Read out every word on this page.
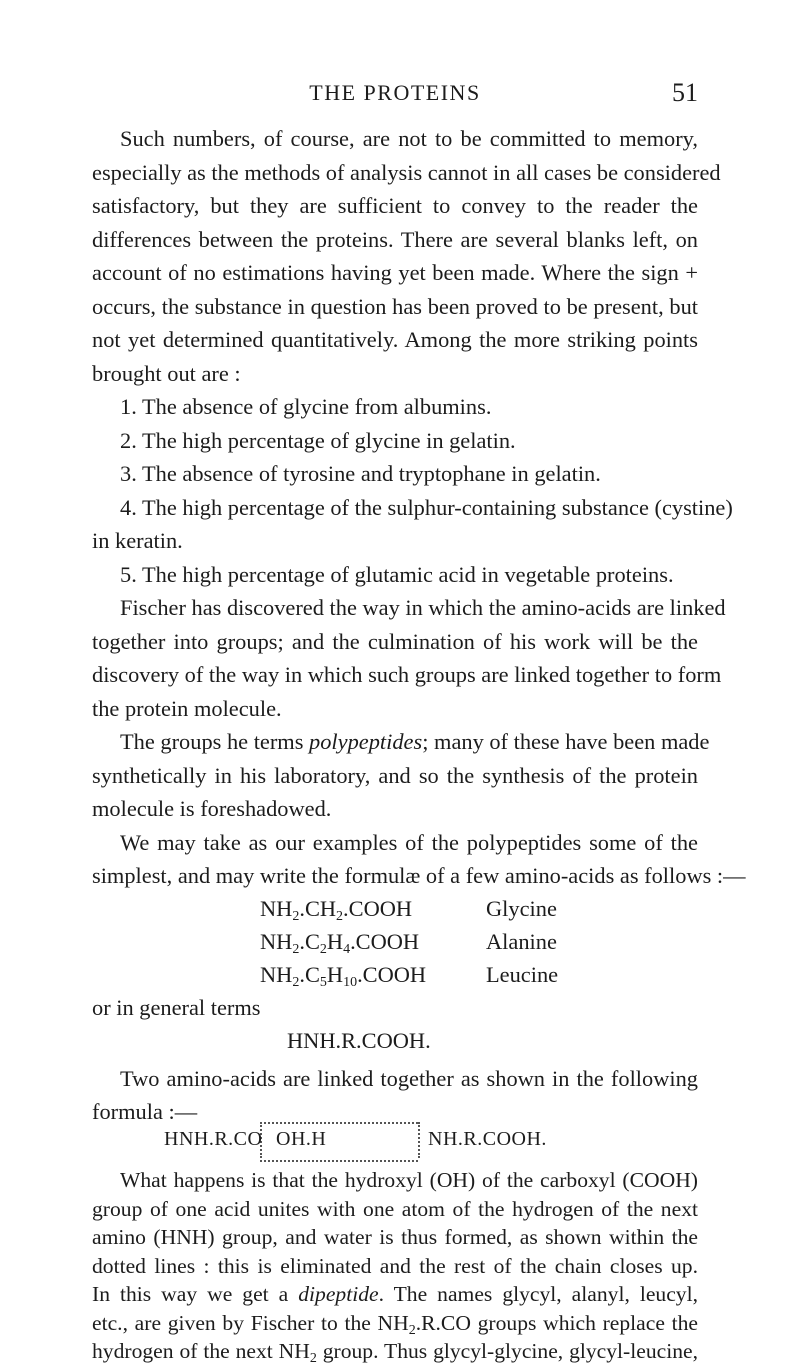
THE PROTEINS	51
Such numbers, of course, are not to be committed to memory,
especially as the methods of analysis cannot in all cases be considered
satisfactory, but they are sufficient to convey to the reader the
differences between the proteins. There are several blanks left, on
account of no estimations having yet been made. Where the sign +
occurs, the substance in question has been proved to be present, but
not yet determined quantitatively. Among the more striking points
brought out are :
1. The absence of glycine from albumins.
2. The high percentage of glycine in gelatin.
3. The absence of tyrosine and tryptophane in gelatin.
4. The high percentage of the sulphur-containing substance (cystine)
in keratin.
5. The high percentage of glutamic acid in vegetable proteins.
Fischer has discovered the way in which the amino-acids are linked
together into groups; and the culmination of his work will be the
discovery of the way in which such groups are linked together to form
the protein molecule.
The groups he terms polypeptides; many of these have been made
synthetically in his laboratory, and so the synthesis of the protein
molecule is foreshadowed.
We may take as our examples of the polypeptides some of the
simplest, and may write the formulæ of a few amino-acids as follows :—
$NH_2.CH_2.COOH$	Glycine
$NH_2.C_2H_4.COOH$	Alanine
$NH_2.C_5H_{10}.COOH$	Leucine
or in general terms
HNH.R.COOH.
Two amino-acids are linked together as shown in the following
formula :—
HNH.R.CO OH.H	NH.R.COOH.
What happens is that the hydroxyl (OH) of the carboxyl (COOH)
group of one acid unites with one atom of the hydrogen of the next
amino (HNH) group, and water is thus formed, as shown within the
dotted lines : this is eliminated and the rest of the chain closes up.
In this way we get a dipeptide. The names glycyl, alanyl, leucyl,
etc., are given by Fischer to the $NH_2.R.CO$ groups which replace the
hydrogen of the next $NH_2$ group. Thus glycyl-glycine, glycyl-leucine,
